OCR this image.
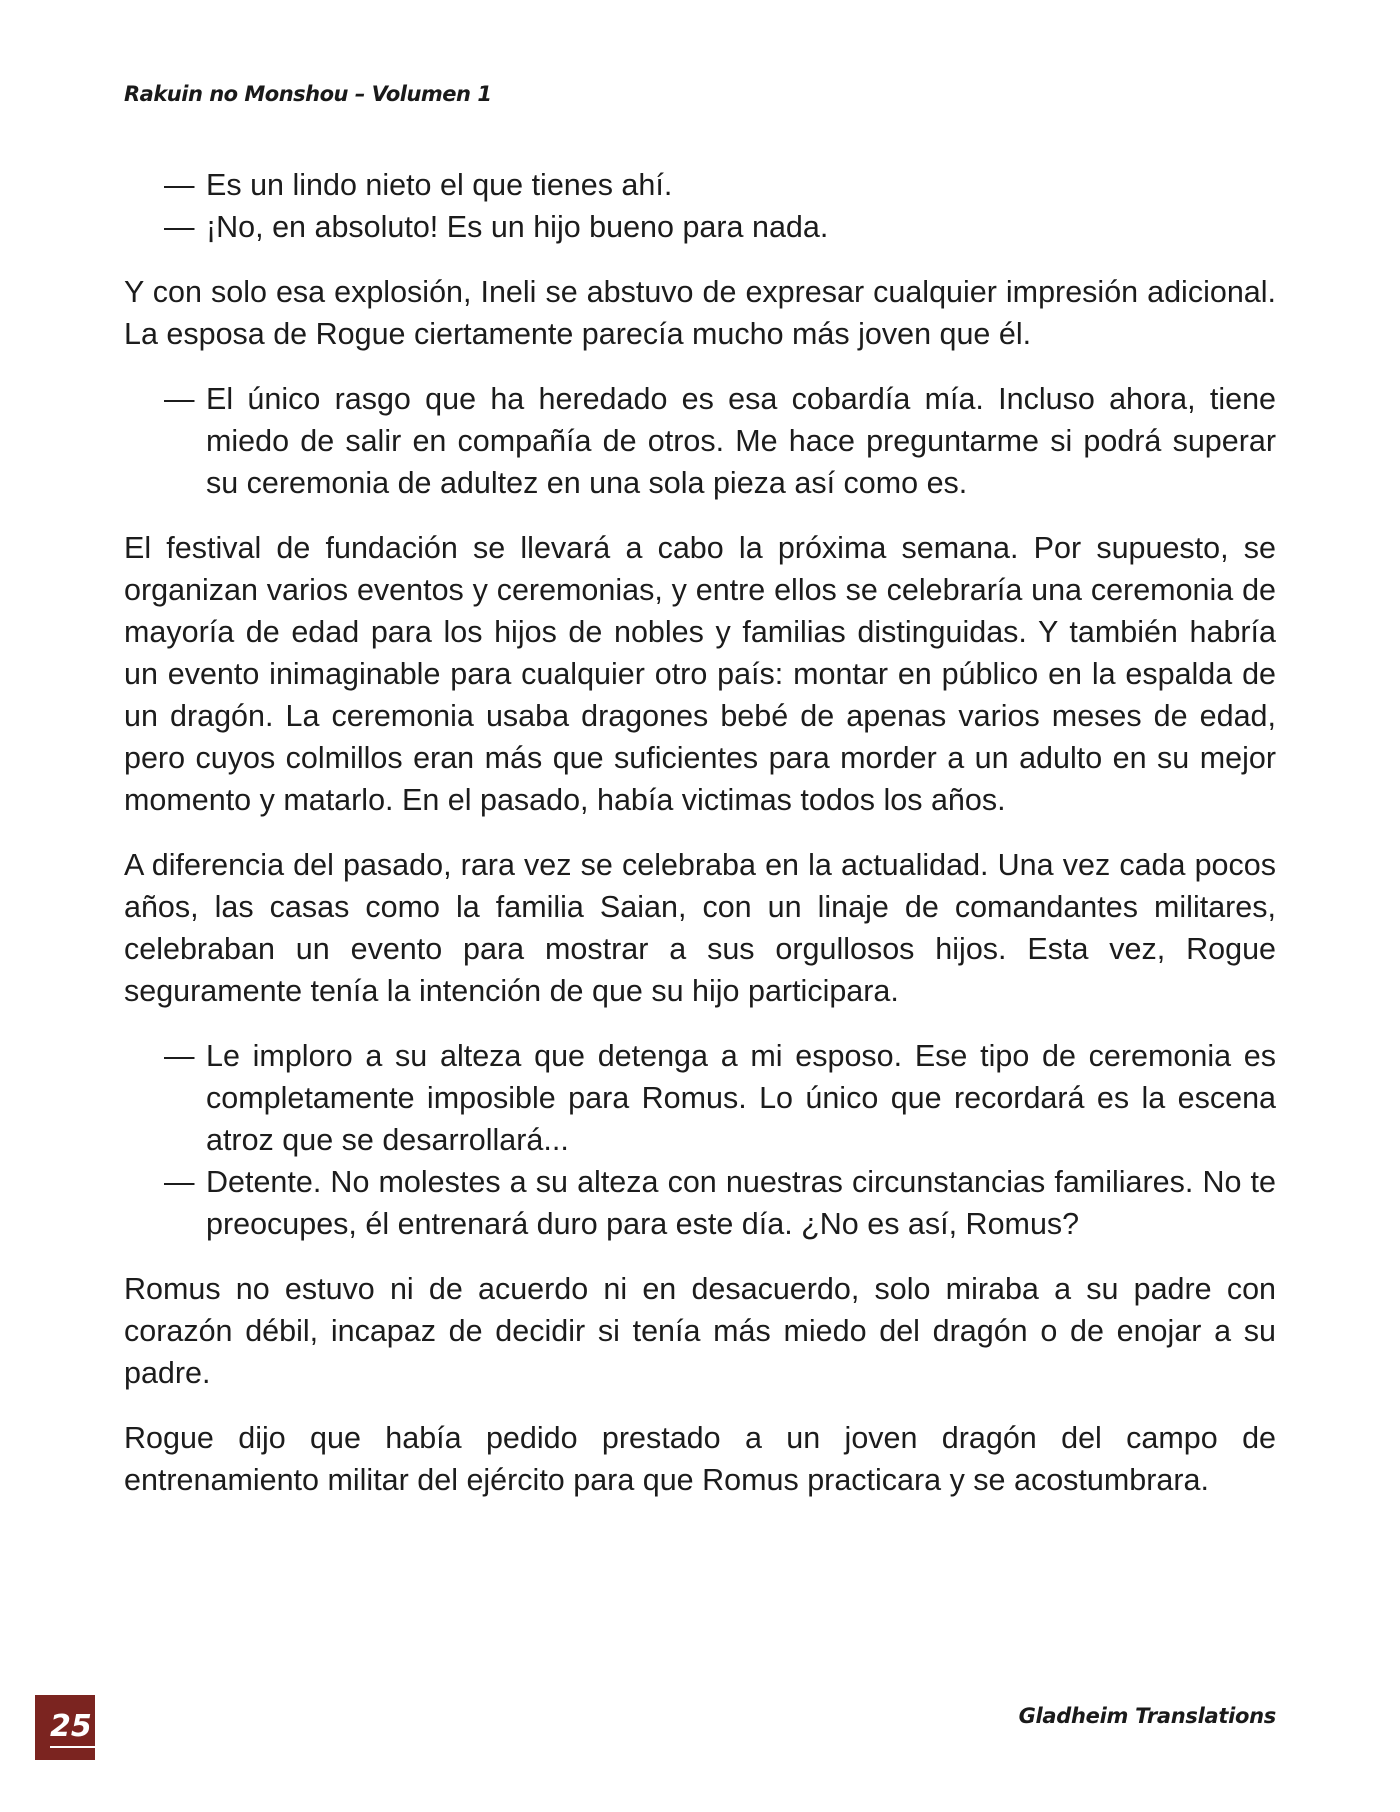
Rakuin no Monshou – Volumen 1
— Es un lindo nieto el que tienes ahí.
— ¡No, en absoluto! Es un hijo bueno para nada.

Y con solo esa explosión, Ineli se abstuvo de expresar cualquier impresión adicional. La esposa de Rogue ciertamente parecía mucho más joven que él.

— El único rasgo que ha heredado es esa cobardía mía. Incluso ahora, tiene miedo de salir en compañía de otros. Me hace preguntarme si podrá superar su ceremonia de adultez en una sola pieza así como es.

El festival de fundación se llevará a cabo la próxima semana. Por supuesto, se organizan varios eventos y ceremonias, y entre ellos se celebraría una ceremonia de mayoría de edad para los hijos de nobles y familias distinguidas. Y también habría un evento inimaginable para cualquier otro país: montar en público en la espalda de un dragón. La ceremonia usaba dragones bebé de apenas varios meses de edad, pero cuyos colmillos eran más que suficientes para morder a un adulto en su mejor momento y matarlo. En el pasado, había victimas todos los años.

A diferencia del pasado, rara vez se celebraba en la actualidad. Una vez cada pocos años, las casas como la familia Saian, con un linaje de comandantes militares, celebraban un evento para mostrar a sus orgullosos hijos. Esta vez, Rogue seguramente tenía la intención de que su hijo participara.

— Le imploro a su alteza que detenga a mi esposo. Ese tipo de ceremonia es completamente imposible para Romus. Lo único que recordará es la escena atroz que se desarrollará...
— Detente. No molestes a su alteza con nuestras circunstancias familiares. No te preocupes, él entrenará duro para este día. ¿No es así, Romus?

Romus no estuvo ni de acuerdo ni en desacuerdo, solo miraba a su padre con corazón débil, incapaz de decidir si tenía más miedo del dragón o de enojar a su padre.

Rogue dijo que había pedido prestado a un joven dragón del campo de entrenamiento militar del ejército para que Romus practicara y se acostumbrara.

25	Gladheim Translations
